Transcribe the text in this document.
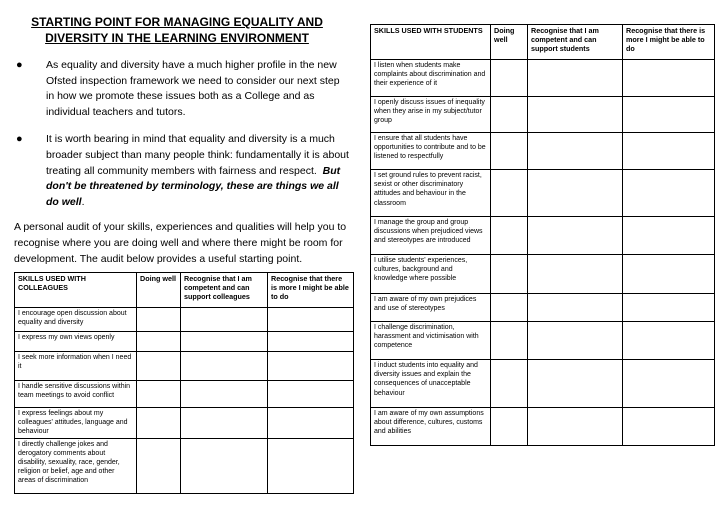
STARTING POINT FOR MANAGING EQUALITY AND
DIVERSITY IN THE LEARNING ENVIRONMENT
●	As equality and diversity have a much higher profile in the new Ofsted inspection framework we need to consider our next step in how we promote these issues both as a College and as individual teachers and tutors.
●	It is worth bearing in mind that equality and diversity is a much broader subject than many people think: fundamentally it is about treating all community members with fairness and respect. But don't be threatened by terminology, these are things we all do well.
A personal audit of your skills, experiences and qualities will help you to recognise where you are doing well and where there might be room for development. The audit below provides a useful starting point.
SKILLS USED WITH COLLEAGUES	Doing well	Recognise that I am competent and can support colleagues	Recognise that there is more I might be able to do
I encourage open discussion about equality and diversity			
I express my own views openly			
I seek more information when I need it			
I handle sensitive discussions within team meetings to avoid conflict			
I express feelings about my colleagues' attitudes, language and behaviour			
I directly challenge jokes and derogatory comments about disability, sexuality, race, gender, religion or belief, age and other areas of discrimination			
SKILLS USED WITH STUDENTS	Doing well	Recognise that I am competent and can support students	Recognise that there is more I might be able to do
I listen when students make complaints about discrimination and their experience of it			
I openly discuss issues of inequality when they arise in my subject/tutor group			
I ensure that all students have opportunities to contribute and to be listened to respectfully			
I set ground rules to prevent racist, sexist or other discriminatory attitudes and behaviour in the classroom			
I manage the group and group discussions when prejudiced views and stereotypes are introduced			
I utilise students' experiences, cultures, background and knowledge where possible			
I am aware of my own prejudices and use of stereotypes			
I challenge discrimination, harassment and victimisation with competence			
I induct students into equality and diversity issues and explain the consequences of unacceptable behaviour			
I am aware of my own assumptions about difference, cultures, customs and abilities			
